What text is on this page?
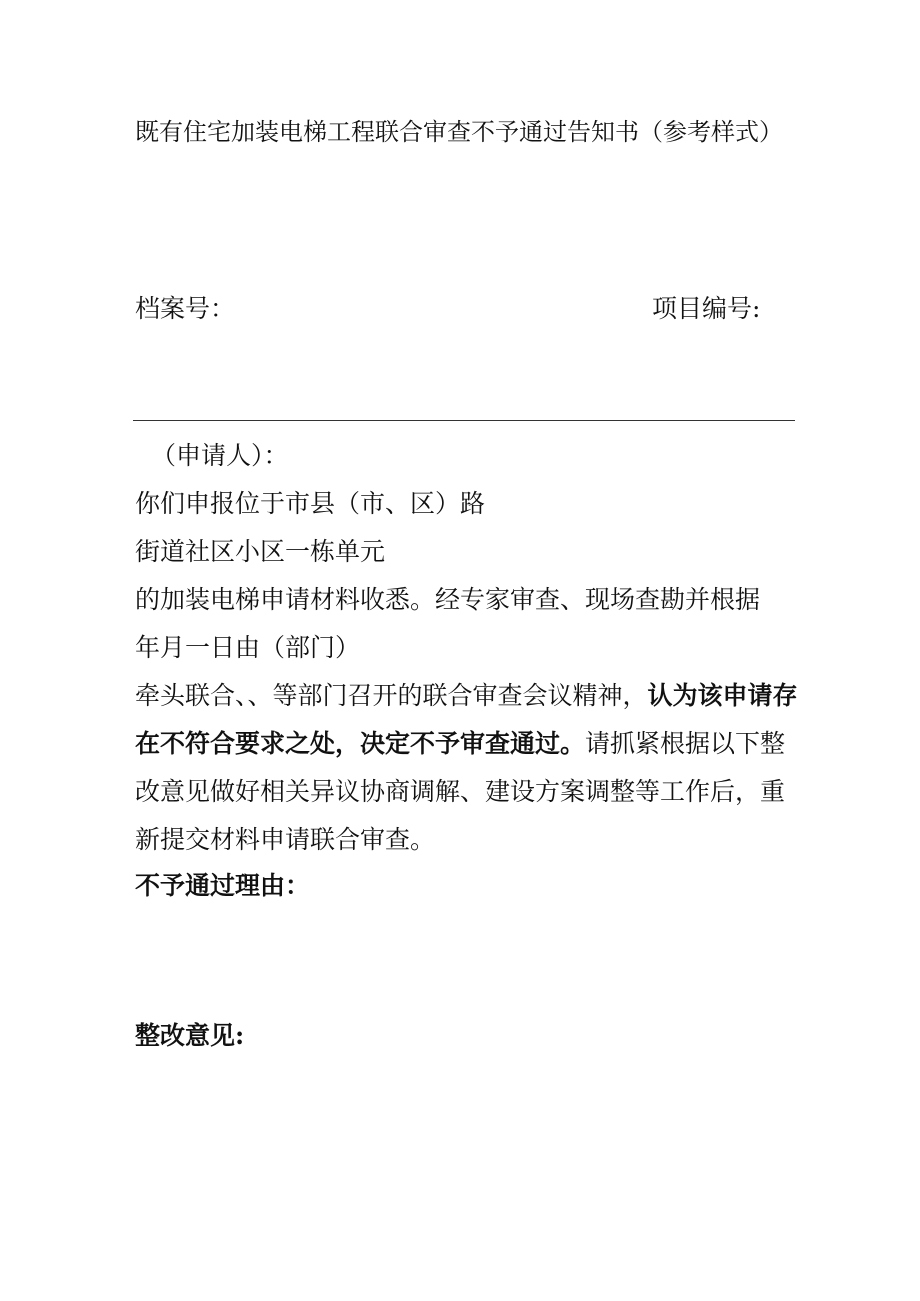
既有住宅加装电梯工程联合审查不予通过告知书（参考样式）
档案号：	项目编号:
（申请人）：
你们申报位于市县（市、区）路
街道社区小区一栋单元
的加装电梯申请材料收悉。经专家审查、现场查勘并根据
年月一日由（部门）
牵头联合、、等部门召开的联合审查会议精神，认为该申请存在不符合要求之处，决定不予审查通过。请抓紧根据以下整改意见做好相关异议协商调解、建设方案调整等工作后，重新提交材料申请联合审查。
不予通过理由：
整改意见:
